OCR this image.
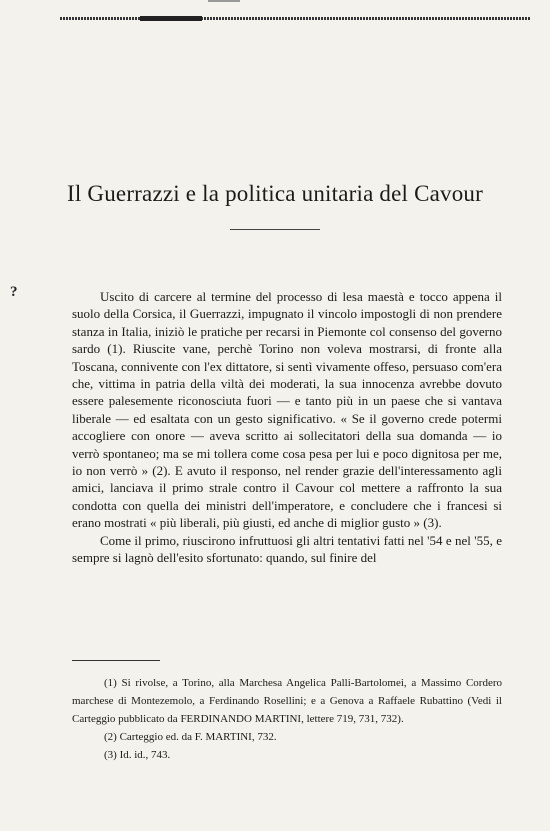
Il Guerrazzi e la politica unitaria del Cavour
?	Uscito di carcere al termine del processo di lesa maestà e tocco appena il suolo della Corsica, il Guerrazzi, impugnato il vincolo impostogli di non prendere stanza in Italia, iniziò le pratiche per recarsi in Piemonte col consenso del governo sardo (1). Riuscite vane, perchè Torino non voleva mostrarsi, di fronte alla Toscana, connivente con l'ex dittatore, si sentì vivamente offeso, persuaso com'era che, vittima in patria della viltà dei moderati, la sua innocenza avrebbe dovuto essere palesemente riconosciuta fuori — e tanto più in un paese che si vantava liberale — ed esaltata con un gesto significativo. « Se il governo crede potermi accogliere con onore — aveva scritto ai sollecitatori della sua domanda — io verrò spontaneo; ma se mi tollera come cosa pesa per lui e poco dignitosa per me, io non verrò » (2). E avuto il responso, nel render grazie dell'interessamento agli amici, lanciava il primo strale contro il Cavour col mettere a raffronto la sua condotta con quella dei ministri dell'imperatore, e concludere che i francesi si erano mostrati « più liberali, più giusti, ed anche di miglior gusto » (3).

Come il primo, riuscirono infruttuosi gli altri tentativi fatti nel '54 e nel '55, e sempre si lagnò dell'esito sfortunato: quando, sul finire del

(1) Si rivolse, a Torino, alla Marchesa Angelica Palli-Bartolomei, a Massimo Cordero marchese di Montezemolo, a Ferdinando Rosellini; e a Genova a Raffaele Rubattino (Vedi il Carteggio pubblicato da FERDINANDO MARTINI, lettere 719, 731, 732).

(2) Carteggio ed. da F. MARTINI, 732.

(3) Id. id., 743.
